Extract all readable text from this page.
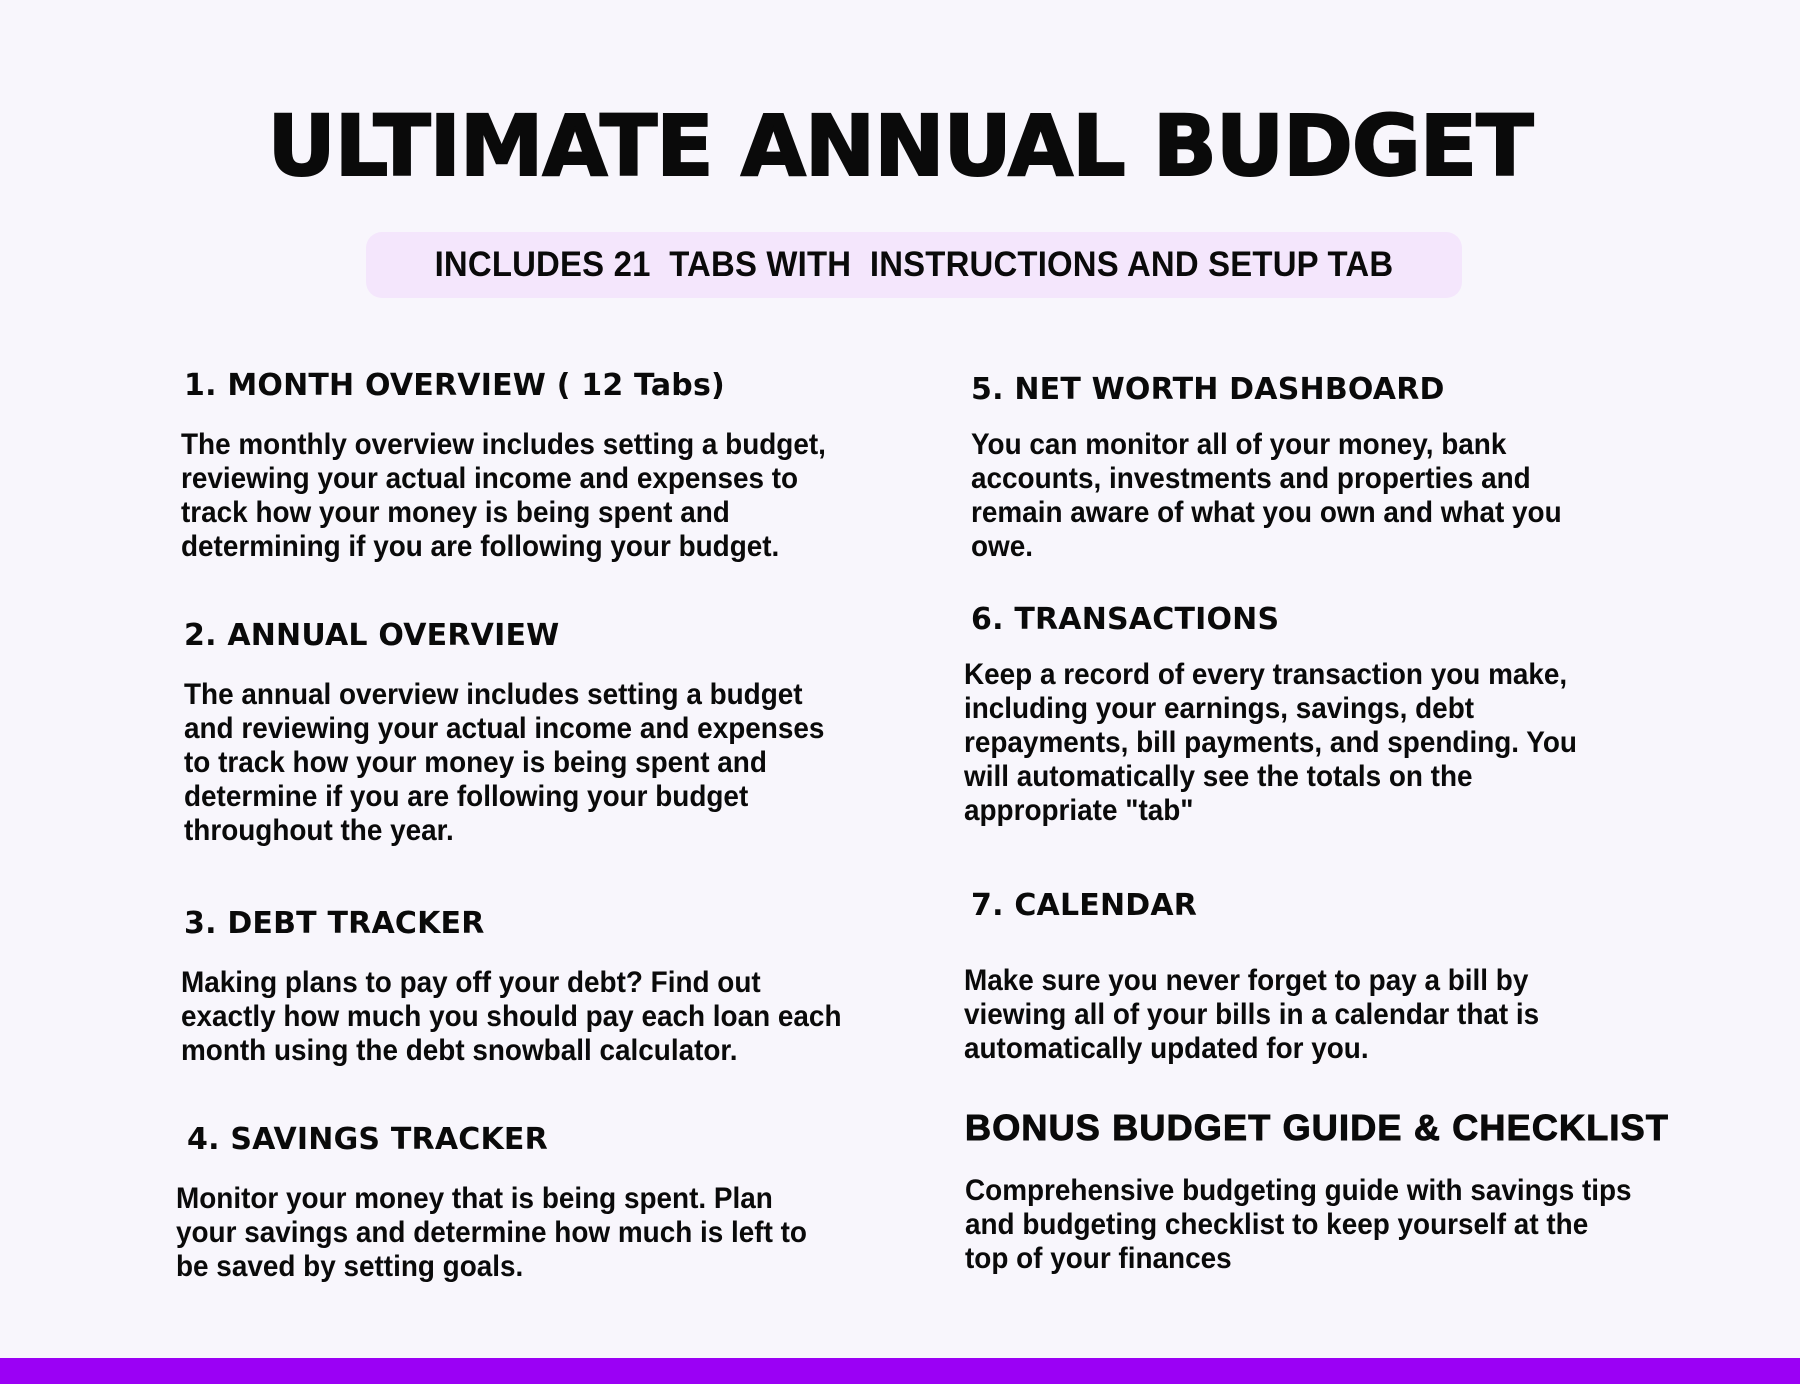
ULTIMATE ANNUAL BUDGET
INCLUDES 21  TABS WITH  INSTRUCTIONS AND SETUP TAB
1. MONTH OVERVIEW ( 12 Tabs)
The monthly overview includes setting a budget,
reviewing your actual income and expenses to
track how your money is being spent and
determining if you are following your budget.
2. ANNUAL OVERVIEW
The annual overview includes setting a budget
and reviewing your actual income and expenses
to track how your money is being spent and
determine if you are following your budget
throughout the year.
3. DEBT TRACKER
Making plans to pay off your debt? Find out
exactly how much you should pay each loan each
month using the debt snowball calculator.
4. SAVINGS TRACKER
Monitor your money that is being spent. Plan
your savings and determine how much is left to
be saved by setting goals.
5. NET WORTH DASHBOARD
You can monitor all of your money, bank
accounts, investments and properties and
remain aware of what you own and what you
owe.
6. TRANSACTIONS
Keep a record of every transaction you make,
including your earnings, savings, debt
repayments, bill payments, and spending. You
will automatically see the totals on the
appropriate "tab"
7. CALENDAR
Make sure you never forget to pay a bill by
viewing all of your bills in a calendar that is
automatically updated for you.
BONUS BUDGET GUIDE & CHECKLIST
Comprehensive budgeting guide with savings tips
and budgeting checklist to keep yourself at the
top of your finances
